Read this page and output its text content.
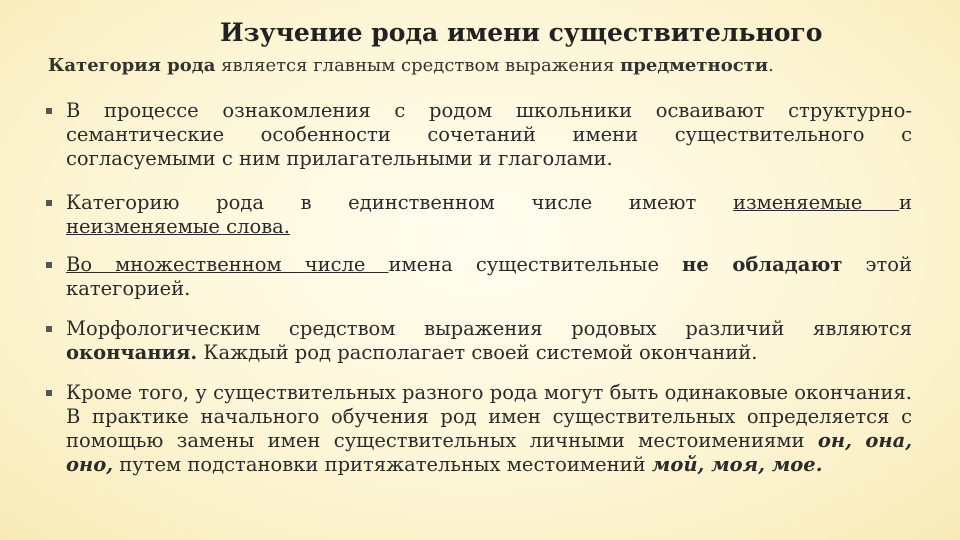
Изучение рода имени существительного
Категория рода является главным средством выражения предметности.
В процессе ознакомления с родом школьники осваивают структурно-семантические особенности сочетаний имени существительного с согласуемыми с ним прилагательными и глаголами.
Категорию рода в единственном числе имеют изменяемые и
неизменяемые слова.
Во множественном числе имена существительные не обладают этой категорией.
Морфологическим средством выражения родовых различий являются окончания. Каждый род располагает своей системой окончаний.
Кроме того, у существительных разного рода могут быть одинаковые окончания. В практике начального обучения род имен существительных определяется с помощью замены имен существительных личными местоимениями он, она, оно, путем подстановки притяжательных местоимений мой, моя, мое.
